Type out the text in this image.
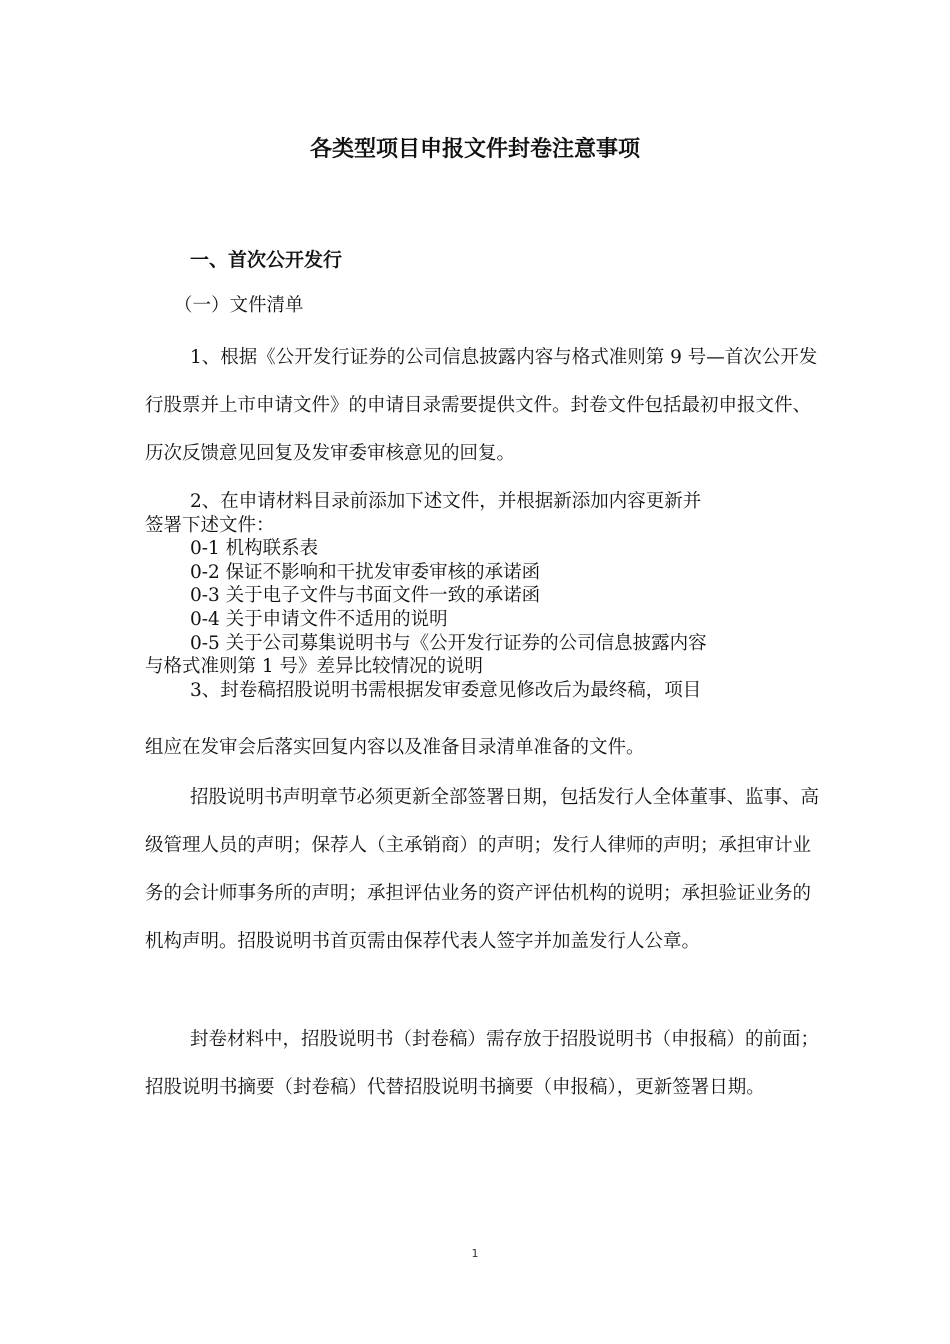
各类型项目申报文件封卷注意事项
一、首次公开发行
（一）文件清单

1、根据《公开发行证券的公司信息披露内容与格式准则第 9 号—首次公开发行股票并上市申请文件》的申请目录需要提供文件。封卷文件包括最初申报文件、历次反馈意见回复及发审委审核意见的回复。

2、在申请材料目录前添加下述文件，并根据新添加内容更新并
签署下述文件：
0-1 机构联系表
0-2 保证不影响和干扰发审委审核的承诺函
0-3 关于电子文件与书面文件一致的承诺函
0-4 关于申请文件不适用的说明
0-5 关于公司募集说明书与《公开发行证券的公司信息披露内容
与格式准则第 1 号》差异比较情况的说明
3、封卷稿招股说明书需根据发审委意见修改后为最终稿，项目

组应在发审会后落实回复内容以及准备目录清单准备的文件。

招股说明书声明章节必须更新全部签署日期，包括发行人全体董事、监事、高级管理人员的声明；保荐人（主承销商）的声明；发行人律师的声明；承担审计业务的会计师事务所的声明；承担评估业务的资产评估机构的说明；承担验证业务的机构声明。招股说明书首页需由保荐代表人签字并加盖发行人公章。

封卷材料中，招股说明书（封卷稿）需存放于招股说明书（申报稿）的前面；招股说明书摘要（封卷稿）代替招股说明书摘要（申报稿），更新签署日期。

1
